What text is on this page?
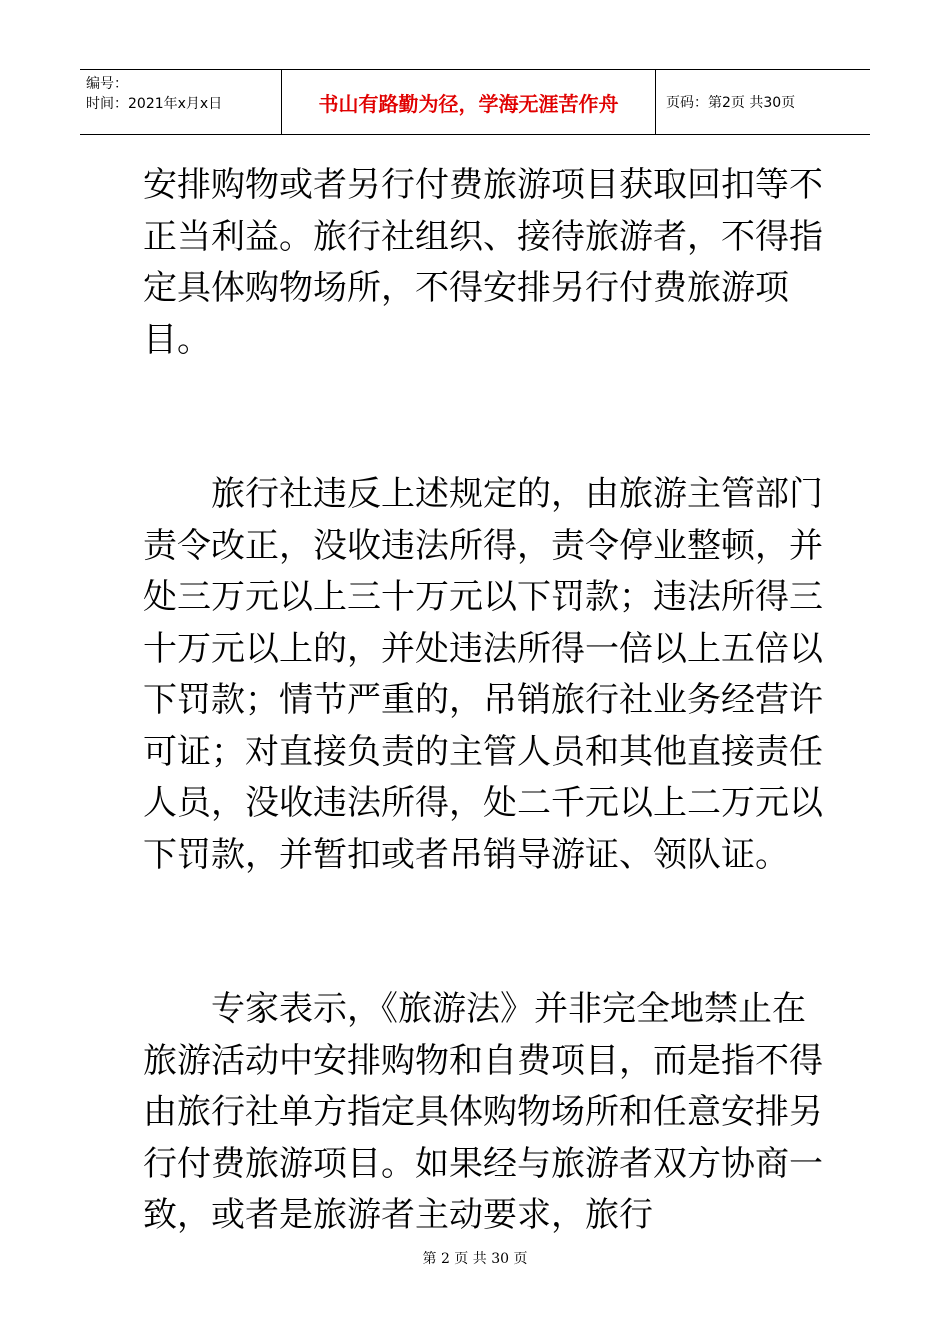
编号：
时间：2021年x月x日	书山有路勤为径，学海无涯苦作舟	页码：第2页 共30页

安排购物或者另行付费旅游项目获取回扣等不正当利益。旅行社组织、接待旅游者，不得指定具体购物场所，不得安排另行付费旅游项目。

旅行社违反上述规定的，由旅游主管部门责令改正，没收违法所得，责令停业整顿，并处三万元以上三十万元以下罚款；违法所得三十万元以上的，并处违法所得一倍以上五倍以下罚款；情节严重的，吊销旅行社业务经营许可证；对直接负责的主管人员和其他直接责任人员，没收违法所得，处二千元以上二万元以下罚款，并暂扣或者吊销导游证、领队证。

专家表示，《旅游法》并非完全地禁止在旅游活动中安排购物和自费项目，而是指不得由旅行社单方指定具体购物场所和任意安排另行付费旅游项目。如果经与旅游者双方协商一致，或者是旅游者主动要求，旅行

第 2 页 共 30 页
